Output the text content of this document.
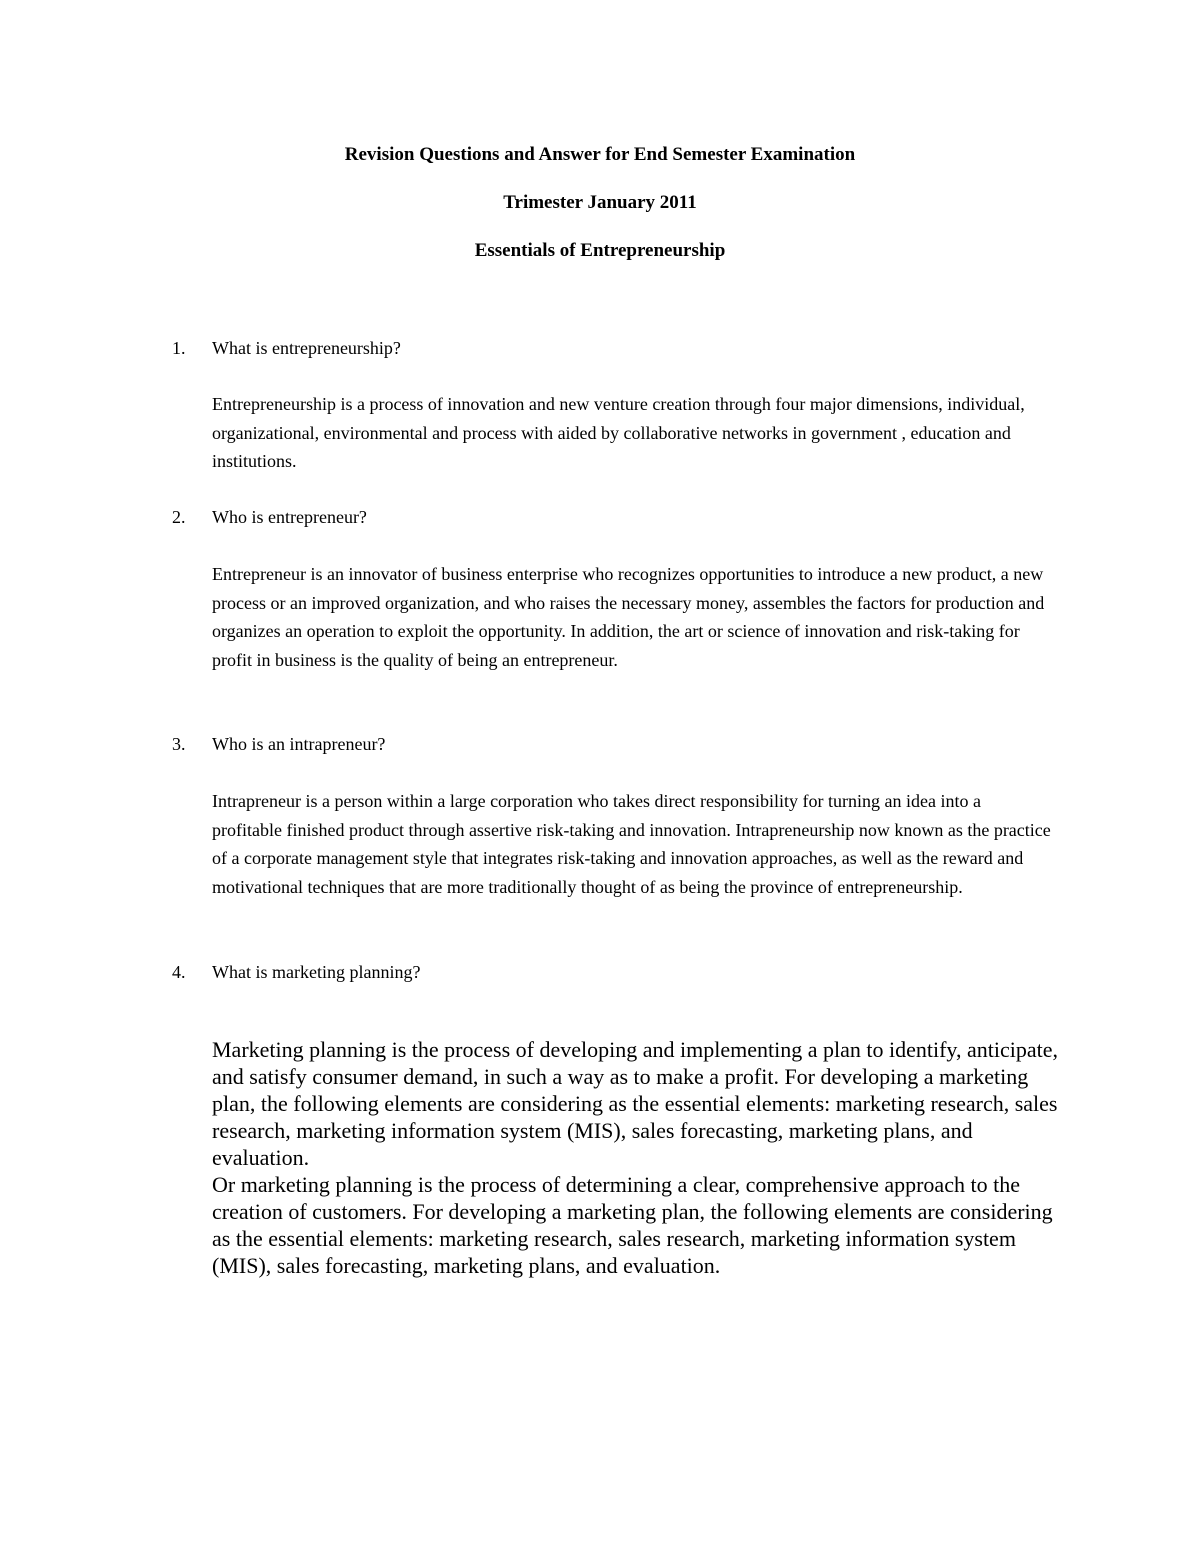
Revision Questions and Answer for End Semester Examination
Trimester January 2011
Essentials of Entrepreneurship
1.	What is entrepreneurship?

Entrepreneurship is a process of innovation and new venture creation through four major dimensions, individual, organizational, environmental and process with aided by collaborative networks in government , education and institutions.

2.	Who is entrepreneur?

Entrepreneur is an innovator of business enterprise who recognizes opportunities to introduce a new product, a new process or an improved organization, and who raises the necessary money, assembles the factors for production and organizes an operation to exploit the opportunity. In addition, the art or science of innovation and risk-taking for profit in business is the quality of being an entrepreneur.

3.	Who is an intrapreneur?

Intrapreneur is a person within a large corporation who takes direct responsibility for turning an idea into a profitable finished product through assertive risk-taking and innovation. Intrapreneurship now known as the practice of a corporate management style that integrates risk-taking and innovation approaches, as well as the reward and motivational techniques that are more traditionally thought of as being the province of entrepreneurship.

4.	What is marketing planning?

Marketing planning is the process of developing and implementing a plan to identify, anticipate, and satisfy consumer demand, in such a way as to make a profit. For developing a marketing plan, the following elements are considering as the essential elements: marketing research, sales research, marketing information system (MIS), sales forecasting, marketing plans, and evaluation.

Or marketing planning is the process of determining a clear, comprehensive approach to the creation of customers. For developing a marketing plan, the following elements are considering as the essential elements: marketing research, sales research, marketing information system (MIS), sales forecasting, marketing plans, and evaluation.
